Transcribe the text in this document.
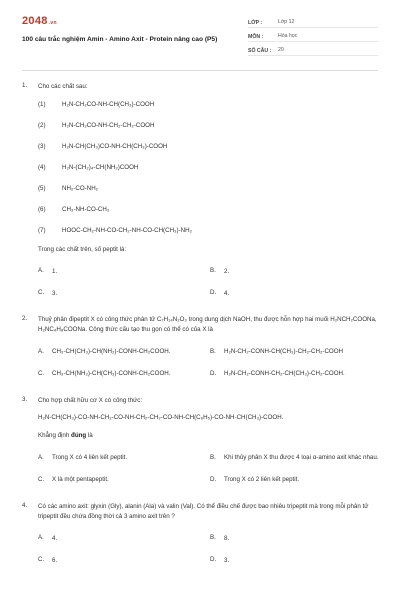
2048.vn
100 câu trắc nghiệm Amin - Amino Axit - Protein nâng cao (P5)
LỚP :	Lớp 12
MÔN :	Hóa học
SỐ CÂU :	20
1.	Cho các chất sau:
(1)	H₂N-CH₂CO-NH-CH(CH₃)-COOH
(2)	H₂N-CH₂CO-NH-CH₂-CH₂-COOH
(3)	H₂N-CH(CH₃)CO-NH-CH(CH₃)-COOH
(4)	H₂N-(CH₂)₄-CH(NH₂)COOH
(5)	NH₂-CO-NH₂
(6)	CH₃-NH-CO-CH₃
(7)	HOOC-CH₂-NH-CO-CH₂-NH-CO-CH(CH₃)-NH₂
Trong các chất trên, số peptit là:
A.	1.	B.	2.
C.	3.	D.	4.
2.	Thuỷ phân đipeptit X có công thức phân tử C₇H₁₄N₂O₃ trong dung dịch NaOH, thu được hỗn hợp hai muối H₂NCH₂COONa, H₂NC₄H₈COONa. Công thức cấu tạo thu gọn có thể có của X là
A.	CH₃-CH(CH₃)-CH(NH₂)-CONH-CH₂COOH.	B.	H₂N-CH₂-CONH-CH(CH₃)-CH₂-CH₂-COOH
C.	CH₃-CH(NH₂)-CH(CH₃)-CONH-CH₂COOH.	D.	H₂N-CH₂-CONH-CH₂-CH(CH₃)-CH₂-COOH.
3.	Cho hợp chất hữu cơ X có công thức:
H₂N-CH(CH₃)-CO-NH-CH₂-CO-NH-CH₂-CH₂-CO-NH-CH(C₆H₅)-CO-NH-CH(CH₃)-COOH.
Khẳng định đúng là
A.	Trong X có 4 liên kết peptit.	B.	Khi thủy phân X thu được 4 loại α-amino axit khác nhau.
C.	X là một pentapeptit.	D.	Trong X có 2 liên kết peptit.
4.	Có các amino axit: glyxin (Gly), alanin (Ala) và valin (Val). Có thể điều chế được bao nhiêu tripeptit mà trong mỗi phân tử tripeptit đều chứa đồng thời cả 3 amino axit trên ?
A.	4.	B.	8.
C.	6.	D.	3.
